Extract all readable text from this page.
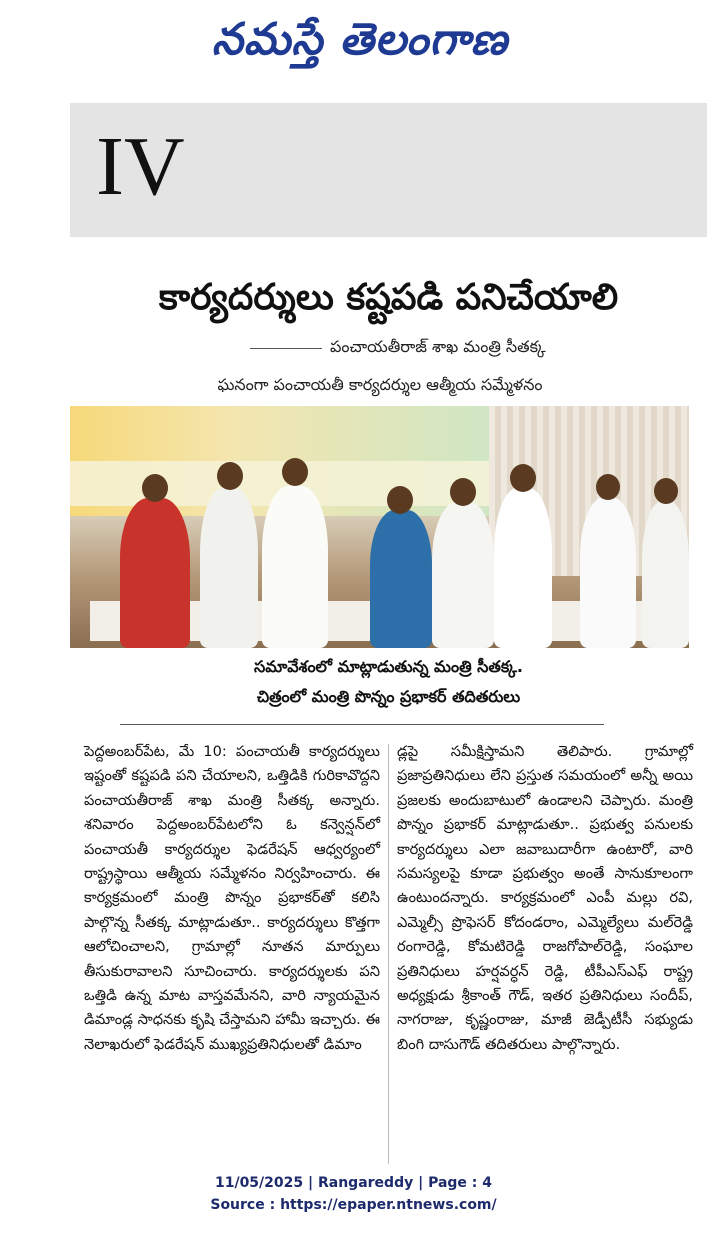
నమస్తే తెలంగాణ
IV
కార్యదర్శులు కష్టపడి పనిచేయాలి
పంచాయతీరాజ్ శాఖ మంత్రి సీతక్క
ఘనంగా పంచాయతీ కార్యదర్శుల ఆత్మీయ సమ్మేళనం
సమావేశంలో మాట్లాడుతున్న మంత్రి సీతక్క.
చిత్రంలో మంత్రి పొన్నం ప్రభాకర్ తదితరులు
పెద్దఅంబర్‌పేట, మే 10: పంచాయతీ కార్యదర్శులు ఇష్టంతో కష్టపడి పని చేయాలని, ఒత్తిడికి గురికావొద్దని పంచాయతీరాజ్ శాఖ మంత్రి సీతక్క అన్నారు. శనివారం పెద్దఅంబర్‌పేటలోని ఓ కన్వెన్షన్‌లో పంచాయతీ కార్యదర్శుల ఫెడరేషన్ ఆధ్వర్యంలో రాష్ట్రస్థాయి ఆత్మీయ సమ్మేళనం నిర్వహించారు. ఈ కార్యక్రమంలో మంత్రి పొన్నం ప్రభాకర్‌తో కలిసి పాల్గొన్న సీతక్క మాట్లాడుతూ.. కార్యదర్శులు కొత్తగా ఆలోచించాలని, గ్రామాల్లో నూతన మార్పులు తీసుకురావాలని సూచించారు. కార్యదర్శులకు పని ఒత్తిడి ఉన్న మాట వాస్తవమేనని, వారి న్యాయమైన డిమాండ్ల సాధనకు కృషి చేస్తామని హామీ ఇచ్చారు. ఈ నెలాఖరులో ఫెడరేషన్ ముఖ్యప్రతినిధులతో డిమాం
డ్లపై సమీక్షిస్తామని తెలిపారు. గ్రామాల్లో ప్రజాప్రతినిధులు లేని ప్రస్తుత సమయంలో అన్నీ అయి ప్రజలకు అందుబాటులో ఉండాలని చెప్పారు. మంత్రి పొన్నం ప్రభాకర్ మాట్లాడుతూ.. ప్రభుత్వ పనులకు కార్యదర్శులు ఎలా జవాబుదారీగా ఉంటారో, వారి సమస్యలపై కూడా ప్రభుత్వం అంతే సానుకూలంగా ఉంటుందన్నారు. కార్యక్రమంలో ఎంపీ మల్లు రవి, ఎమ్మెల్సీ ప్రొఫెసర్ కోదండరాం, ఎమ్మెల్యేలు మల్‌రెడ్డి రంగారెడ్డి, కోమటిరెడ్డి రాజగోపాల్‌రెడ్డి, సంఘాల ప్రతినిధులు హర్షవర్ధన్ రెడ్డి, టీపీఎస్‌ఎఫ్ రాష్ట్ర అధ్యక్షుడు శ్రీకాంత్ గౌడ్, ఇతర ప్రతినిధులు సందీప్, నాగరాజు, కృష్ణంరాజు, మాజీ జెడ్పీటీసీ సభ్యుడు బింగి దాసుగౌడ్ తదితరులు పాల్గొన్నారు.
11/05/2025 | Rangareddy | Page : 4
Source : https://epaper.ntnews.com/
